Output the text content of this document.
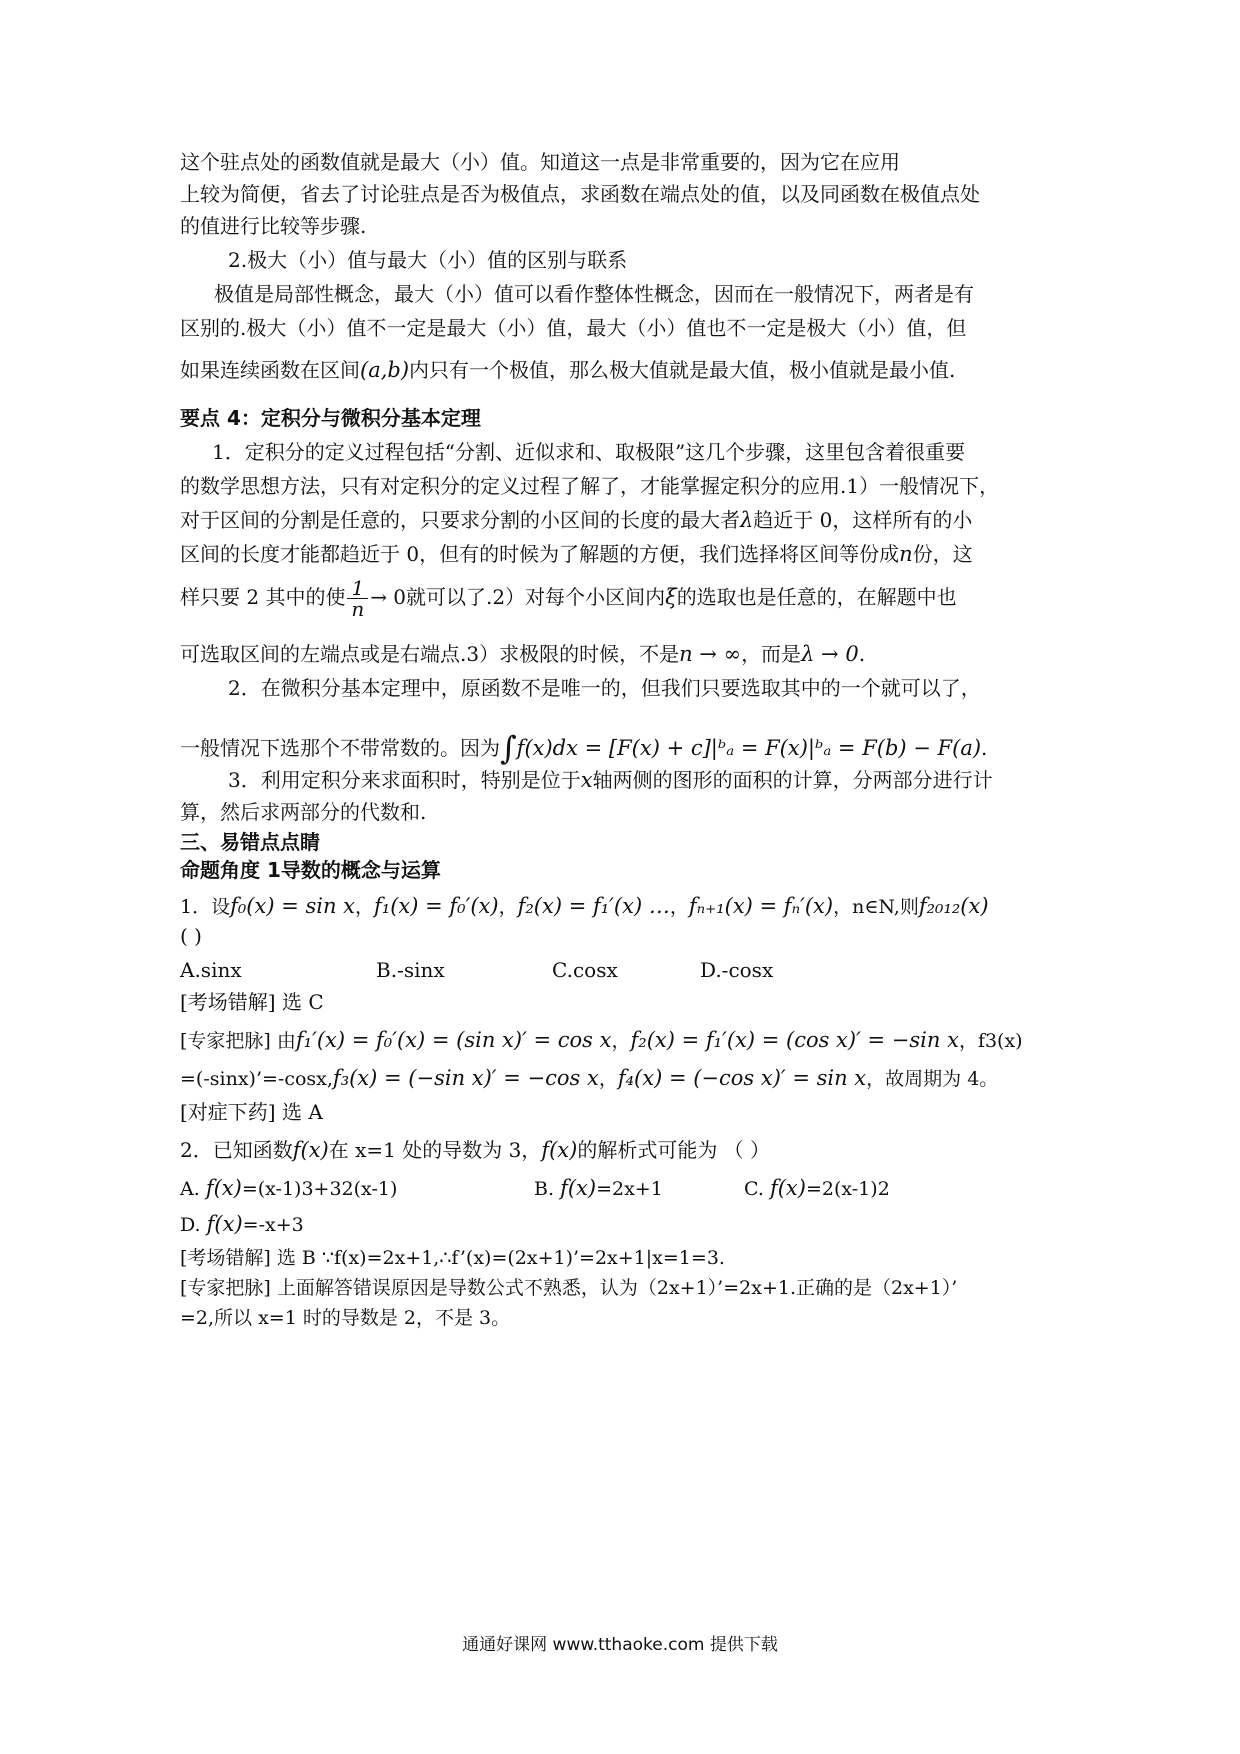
这个驻点处的函数值就是最大（小）值。知道这一点是非常重要的，因为它在应用
上较为简便，省去了讨论驻点是否为极值点，求函数在端点处的值，以及同函数在极值点处
的值进行比较等步骤.
2.极大（小）值与最大（小）值的区别与联系
极值是局部性概念，最大（小）值可以看作整体性概念，因而在一般情况下，两者是有
区别的.极大（小）值不一定是最大（小）值，最大（小）值也不一定是极大（小）值，但
如果连续函数在区间(a,b)内只有一个极值，那么极大值就是最大值，极小值就是最小值.
要点 4：定积分与微积分基本定理
1．定积分的定义过程包括“分割、近似求和、取极限”这几个步骤，这里包含着很重要
的数学思想方法，只有对定积分的定义过程了解了，才能掌握定积分的应用.1）一般情况下，
对于区间的分割是任意的，只要求分割的小区间的长度的最大者λ趋近于 0，这样所有的小
区间的长度才能都趋近于 0，但有的时候为了解题的方便，我们选择将区间等份成n份，这
样只要 2 其中的使 $\frac{1}{n} \to 0$就可以了.2）对每个小区间内ξ的选取也是任意的，在解题中也
可选取区间的左端点或是右端点.3）求极限的时候，不是n → ∞，而是λ → 0.
2．在微积分基本定理中，原函数不是唯一的，但我们只要选取其中的一个就可以了，
一般情况下选那个不带常数的。因为∫f(x)dx = [F(x) + c]|ᵇₐ = F(x)|ᵇₐ = F(b) − F(a).
3．利用定积分来求面积时，特别是位于x轴两侧的图形的面积的计算，分两部分进行计
算，然后求两部分的代数和.
三、易错点点睛
命题角度 1导数的概念与运算
1．设f₀(x) = sin x，f₁(x) = f₀′(x)，f₂(x) = f₁′(x) …，fₙ₊₁(x) = fₙ′(x)，n∈N,则f₂₀₁₂(x)
( )
A.sinx	B.-sinx	C.cosx	D.-cosx
[考场错解] 选 C
[专家把脉] 由f₁′(x) = f₀′(x) = (sin x)′ = cos x，f₂(x) = f₁′(x) = (cos x)′ = −sin x，f3(x)
=(-sinx)’=-cosx,f₃(x) = (−sin x)′ = −cos x，f₄(x) = (−cos x)′ = sin x，故周期为 4。
[对症下药] 选 A
2．已知函数f(x)在 x=1 处的导数为 3，f(x)的解析式可能为 （ ）
A. f(x)=(x-1)3+32(x-1)	B. f(x)=2x+1	C. f(x)=2(x-1)2
D. f(x)=-x+3
[考场错解] 选 B ∵f(x)=2x+1,∴f’(x)=(2x+1)’=2x+1|x=1=3.
[专家把脉] 上面解答错误原因是导数公式不熟悉，认为（2x+1）’=2x+1.正确的是（2x+1）’
=2,所以 x=1 时的导数是 2，不是 3。
通通好课网 www.tthaoke.com 提供下载
